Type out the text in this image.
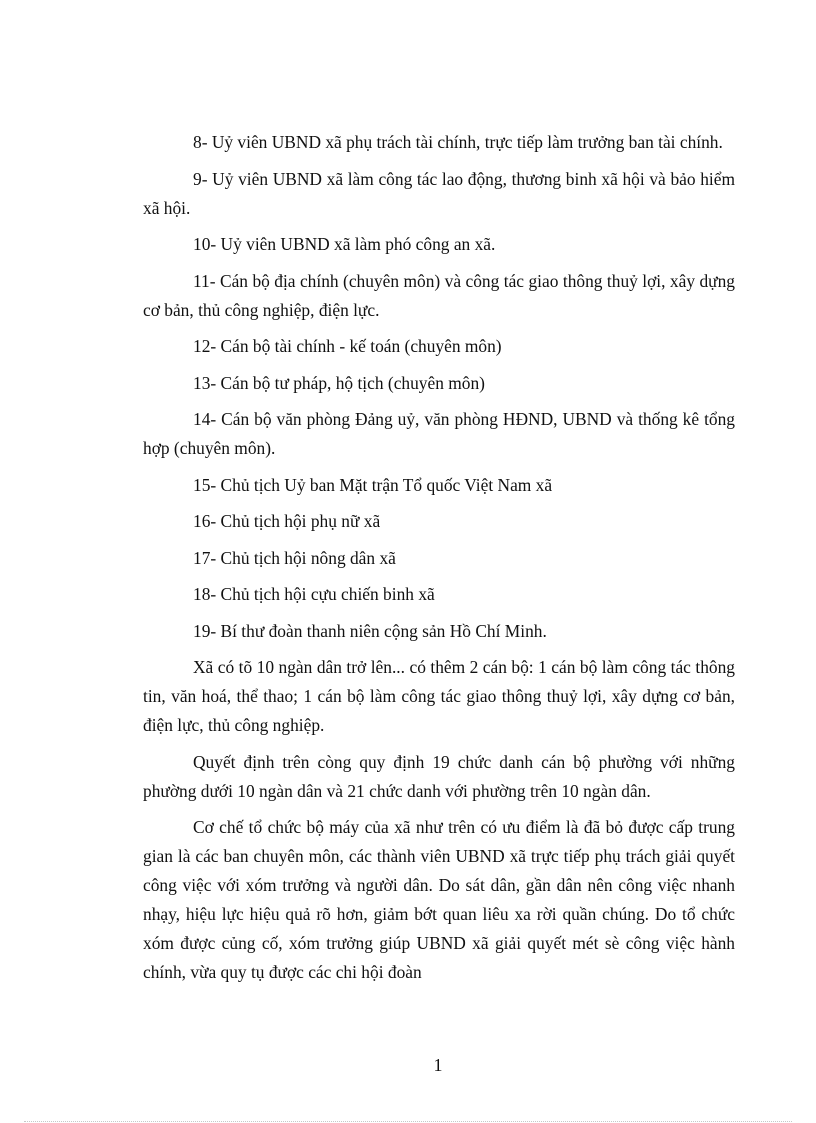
8- Uỷ viên UBND xã phụ trách tài chính, trực tiếp làm trưởng ban tài chính.

9- Uỷ viên UBND xã làm công tác lao động, thương binh xã hội và bảo hiểm xã hội.

10- Uỷ viên UBND xã làm phó công an xã.

11- Cán bộ địa chính (chuyên môn) và công tác giao thông thuỷ lợi, xây dựng cơ bản, thủ công nghiệp, điện lực.

12- Cán bộ tài chính - kế toán (chuyên môn)

13- Cán bộ tư pháp, hộ tịch (chuyên môn)

14- Cán bộ văn phòng Đảng uỷ, văn phòng HĐND, UBND và thống kê tổng hợp (chuyên môn).

15- Chủ tịch Uỷ ban Mặt trận Tổ quốc Việt Nam xã

16- Chủ tịch hội phụ nữ xã

17- Chủ tịch hội nông dân xã

18- Chủ tịch hội cựu chiến binh xã

19- Bí thư đoàn thanh niên cộng sản Hồ Chí Minh.

Xã có tõ 10 ngàn dân trở lên... có thêm 2 cán bộ: 1 cán bộ làm công tác thông tin, văn hoá, thể thao; 1 cán bộ làm công tác giao thông thuỷ lợi, xây dựng cơ bản, điện lực, thủ công nghiệp.

Quyết định trên còng quy định 19 chức danh cán bộ phường với những phường dưới 10 ngàn dân và 21 chức danh với phường trên 10 ngàn dân.

Cơ chế tổ chức bộ máy của xã như trên có ưu điểm là đã bỏ được cấp trung gian là các ban chuyên môn, các thành viên UBND xã trực tiếp phụ trách giải quyết công việc với xóm trưởng và người dân. Do sát dân, gần dân nên công việc nhanh nhạy, hiệu lực hiệu quả rõ hơn, giảm bớt quan liêu xa rời quần chúng. Do tổ chức xóm được củng cố, xóm trưởng giúp UBND xã giải quyết mét sè công việc hành chính, vừa quy tụ được các chi hội đoàn

1
